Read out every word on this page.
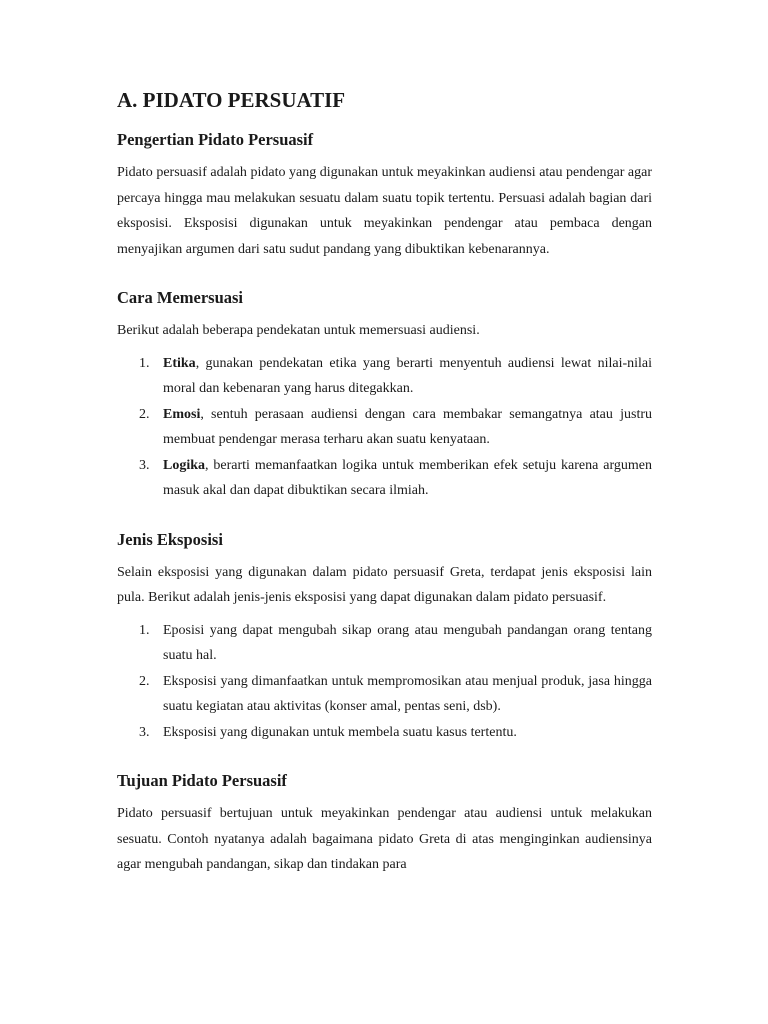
A. PIDATO PERSUATIF
Pengertian Pidato Persuasif

Pidato persuasif adalah pidato yang digunakan untuk meyakinkan audiensi atau pendengar agar percaya hingga mau melakukan sesuatu dalam suatu topik tertentu. Persuasi adalah bagian dari eksposisi. Eksposisi digunakan untuk meyakinkan pendengar atau pembaca dengan menyajikan argumen dari satu sudut pandang yang dibuktikan kebenarannya.

Cara Memersuasi

Berikut adalah beberapa pendekatan untuk memersuasi audiensi.

1. Etika, gunakan pendekatan etika yang berarti menyentuh audiensi lewat nilai-nilai moral dan kebenaran yang harus ditegakkan.
2. Emosi, sentuh perasaan audiensi dengan cara membakar semangatnya atau justru membuat pendengar merasa terharu akan suatu kenyataan.
3. Logika, berarti memanfaatkan logika untuk memberikan efek setuju karena argumen masuk akal dan dapat dibuktikan secara ilmiah.
Jenis Eksposisi

Selain eksposisi yang digunakan dalam pidato persuasif Greta, terdapat jenis eksposisi lain pula. Berikut adalah jenis-jenis eksposisi yang dapat digunakan dalam pidato persuasif.

1. Eposisi yang dapat mengubah sikap orang atau mengubah pandangan orang tentang suatu hal.
2. Eksposisi yang dimanfaatkan untuk mempromosikan atau menjual produk, jasa hingga suatu kegiatan atau aktivitas (konser amal, pentas seni, dsb).
3. Eksposisi yang digunakan untuk membela suatu kasus tertentu.
Tujuan Pidato Persuasif

Pidato persuasif bertujuan untuk meyakinkan pendengar atau audiensi untuk melakukan sesuatu. Contoh nyatanya adalah bagaimana pidato Greta di atas menginginkan audiensinya agar mengubah pandangan, sikap dan tindakan para
